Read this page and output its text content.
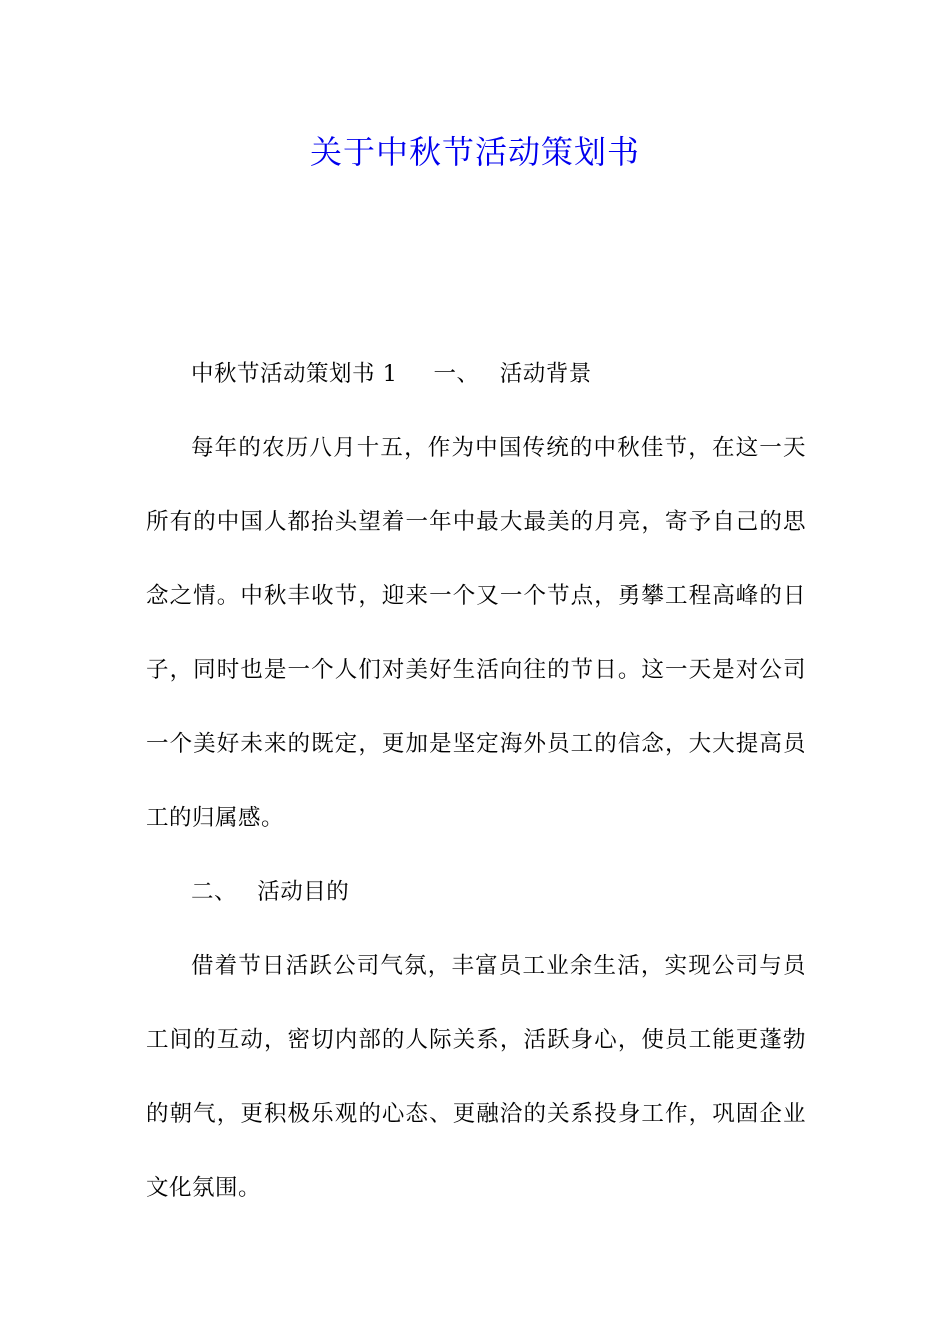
关于中秋节活动策划书

中秋节活动策划书 1 一、 活动背景

每年的农历八月十五，作为中国传统的中秋佳节，在这一天所有的中国人都抬头望着一年中最大最美的月亮，寄予自己的思念之情。中秋丰收节，迎来一个又一个节点，勇攀工程高峰的日子，同时也是一个人们对美好生活向往的节日。这一天是对公司一个美好未来的既定，更加是坚定海外员工的信念，大大提高员工的归属感。

二、 活动目的

借着节日活跃公司气氛，丰富员工业余生活，实现公司与员工间的互动，密切内部的人际关系，活跃身心，使员工能更蓬勃的朝气，更积极乐观的心态、更融洽的关系投身工作，巩固企业文化氛围。
